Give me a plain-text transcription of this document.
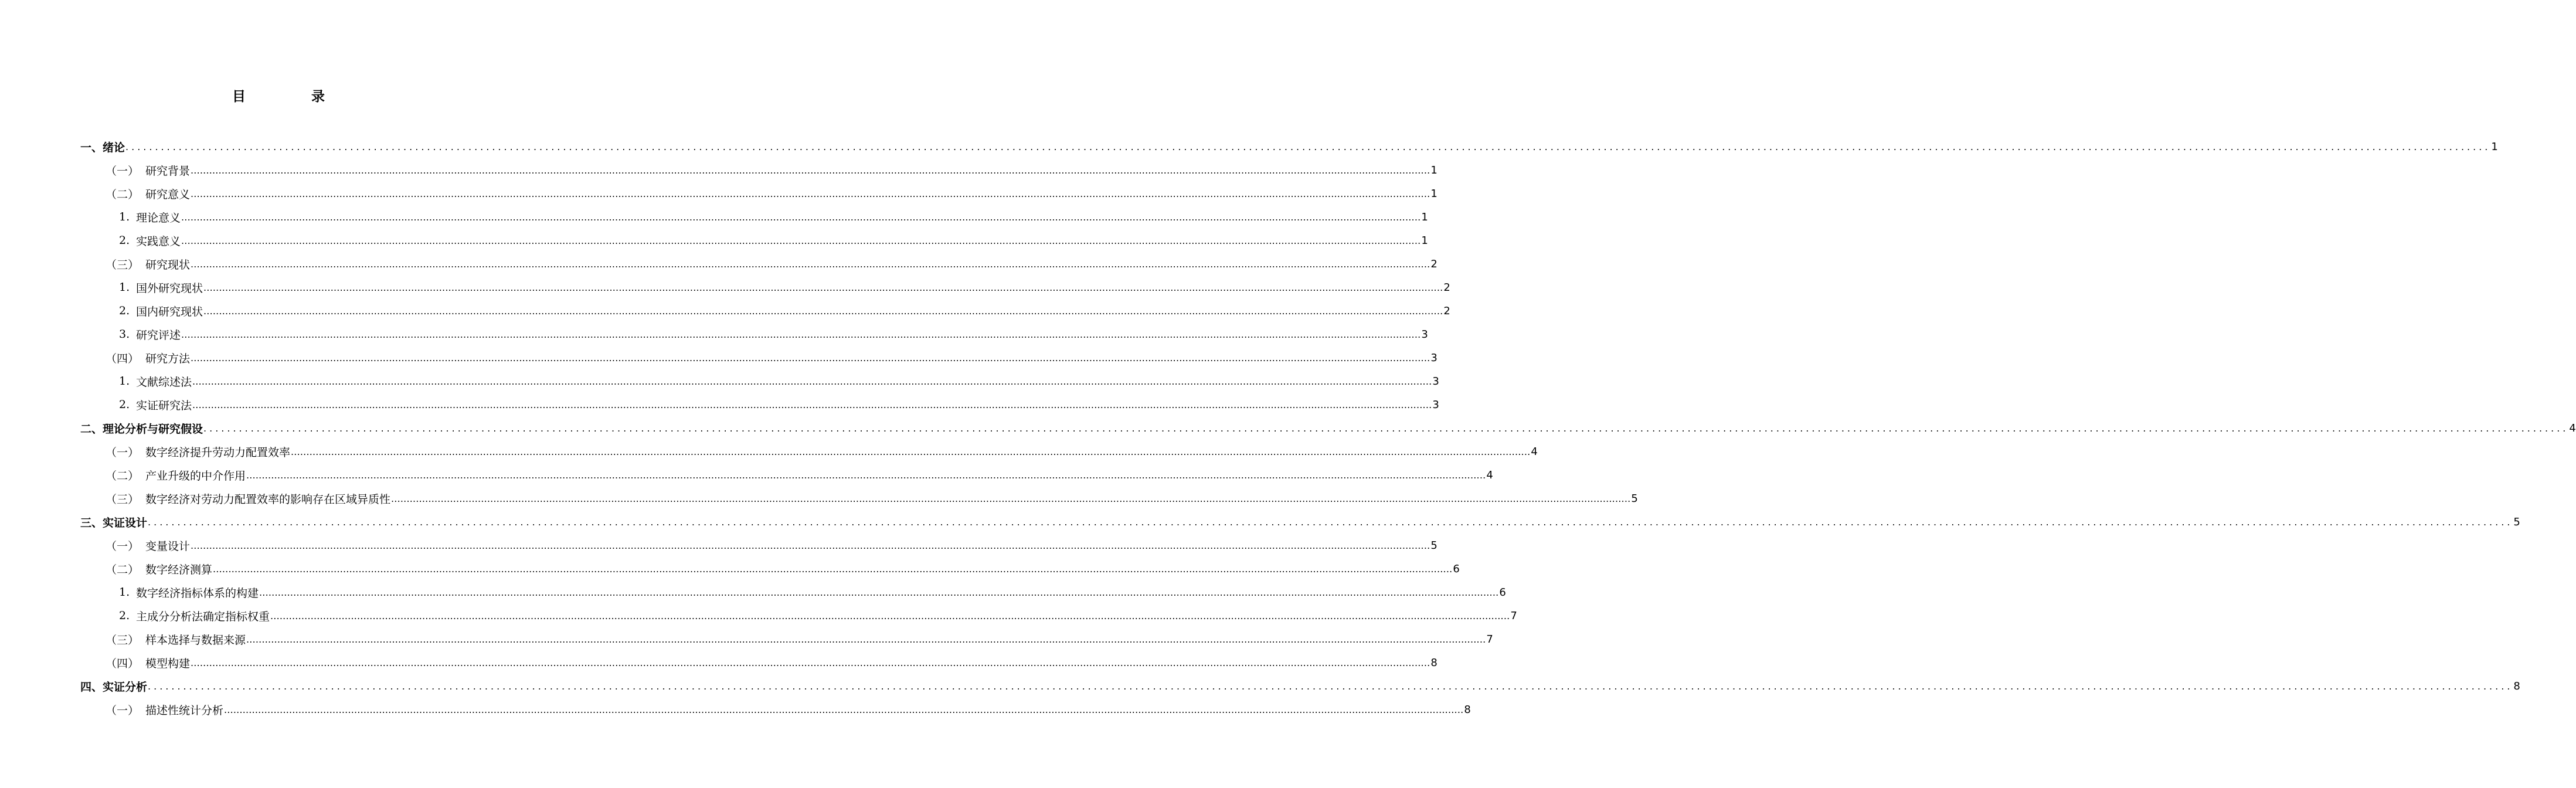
目 录
一、绪论 ................................................................................................................................................................................................................................................................................................................................................................................................................ 1
（一） 研究背景 ................................................................................................................................................................................................................................................................................................................................................................................................................ 1
（二） 研究意义 ................................................................................................................................................................................................................................................................................................................................................................................................................ 1
1. 理论意义 ................................................................................................................................................................................................................................................................................................................................................................................................................ 1
2. 实践意义 ................................................................................................................................................................................................................................................................................................................................................................................................................ 1
（三） 研究现状 ................................................................................................................................................................................................................................................................................................................................................................................................................ 2
1. 国外研究现状 ................................................................................................................................................................................................................................................................................................................................................................................................................ 2
2. 国内研究现状 ................................................................................................................................................................................................................................................................................................................................................................................................................ 2
3. 研究评述 ................................................................................................................................................................................................................................................................................................................................................................................................................ 3
（四） 研究方法 ................................................................................................................................................................................................................................................................................................................................................................................................................ 3
1. 文献综述法 ................................................................................................................................................................................................................................................................................................................................................................................................................ 3
2. 实证研究法 ................................................................................................................................................................................................................................................................................................................................................................................................................ 3
二、理论分析与研究假设 ................................................................................................................................................................................................................................................................................................................................................................................................................ 4
（一） 数字经济提升劳动力配置效率 ................................................................................................................................................................................................................................................................................................................................................................................................................ 4
（二） 产业升级的中介作用 ................................................................................................................................................................................................................................................................................................................................................................................................................ 4
（三） 数字经济对劳动力配置效率的影响存在区域异质性 ................................................................................................................................................................................................................................................................................................................................................................................................................ 5
三、实证设计 ................................................................................................................................................................................................................................................................................................................................................................................................................ 5
（一） 变量设计 ................................................................................................................................................................................................................................................................................................................................................................................................................ 5
（二） 数字经济测算 ................................................................................................................................................................................................................................................................................................................................................................................................................ 6
1. 数字经济指标体系的构建 ................................................................................................................................................................................................................................................................................................................................................................................................................ 6
2. 主成分分析法确定指标权重 ................................................................................................................................................................................................................................................................................................................................................................................................................ 7
（三） 样本选择与数据来源 ................................................................................................................................................................................................................................................................................................................................................................................................................ 7
（四） 模型构建 ................................................................................................................................................................................................................................................................................................................................................................................................................ 8
四、实证分析 ................................................................................................................................................................................................................................................................................................................................................................................................................ 8
（一） 描述性统计分析 ................................................................................................................................................................................................................................................................................................................................................................................................................ 8
